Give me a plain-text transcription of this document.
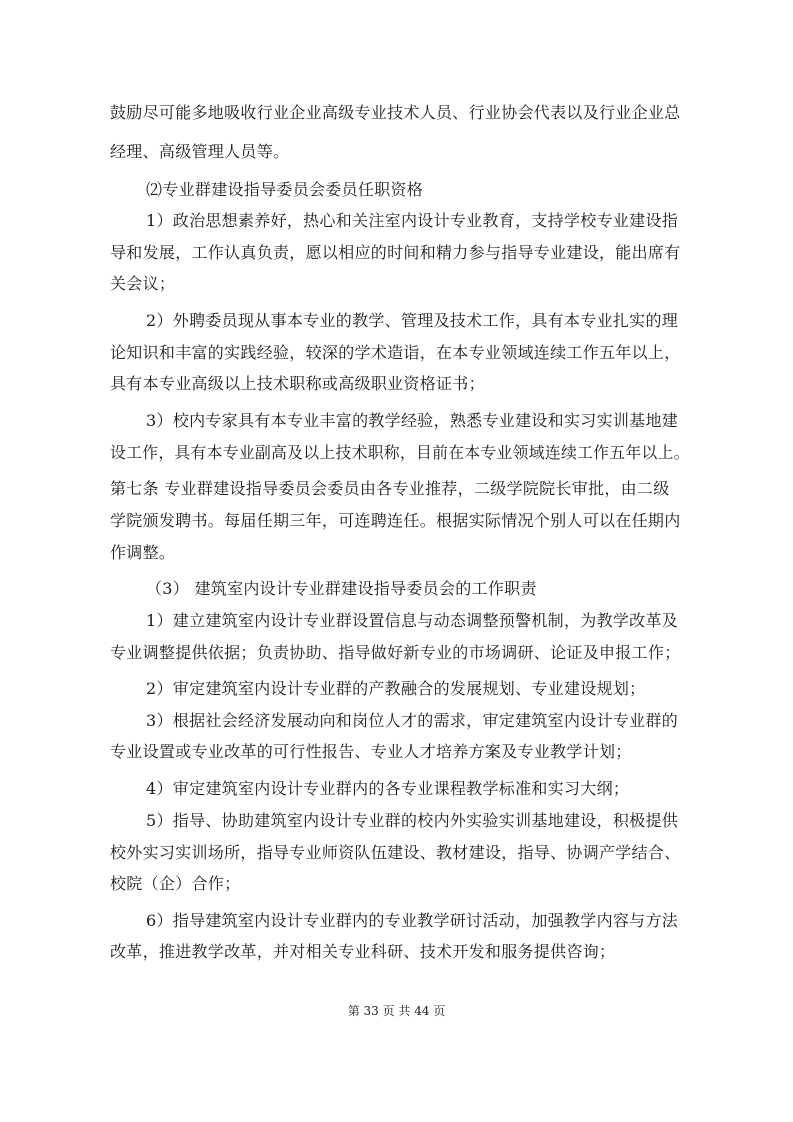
鼓励尽可能多地吸收行业企业高级专业技术人员、行业协会代表以及行业企业总
经理、高级管理人员等。
⑵专业群建设指导委员会委员任职资格
1）政治思想素养好，热心和关注室内设计专业教育，支持学校专业建设指
导和发展，工作认真负责，愿以相应的时间和精力参与指导专业建设，能出席有
关会议；
2）外聘委员现从事本专业的教学、管理及技术工作，具有本专业扎实的理
论知识和丰富的实践经验，较深的学术造诣，在本专业领域连续工作五年以上，
具有本专业高级以上技术职称或高级职业资格证书；
3）校内专家具有本专业丰富的教学经验，熟悉专业建设和实习实训基地建
设工作，具有本专业副高及以上技术职称，目前在本专业领域连续工作五年以上。
第七条 专业群建设指导委员会委员由各专业推荐，二级学院院长审批，由二级
学院颁发聘书。每届任期三年，可连聘连任。根据实际情况个别人可以在任期内
作调整。
（3） 建筑室内设计专业群建设指导委员会的工作职责
1）建立建筑室内设计专业群设置信息与动态调整预警机制，为教学改革及
专业调整提供依据；负责协助、指导做好新专业的市场调研、论证及申报工作；
2）审定建筑室内设计专业群的产教融合的发展规划、专业建设规划；
3）根据社会经济发展动向和岗位人才的需求，审定建筑室内设计专业群的
专业设置或专业改革的可行性报告、专业人才培养方案及专业教学计划；
4）审定建筑室内设计专业群内的各专业课程教学标准和实习大纲；
5）指导、协助建筑室内设计专业群的校内外实验实训基地建设，积极提供
校外实习实训场所，指导专业师资队伍建设、教材建设，指导、协调产学结合、
校院（企）合作；
6）指导建筑室内设计专业群内的专业教学研讨活动，加强教学内容与方法
改革，推进教学改革，并对相关专业科研、技术开发和服务提供咨询；
第 33 页 共 44 页
